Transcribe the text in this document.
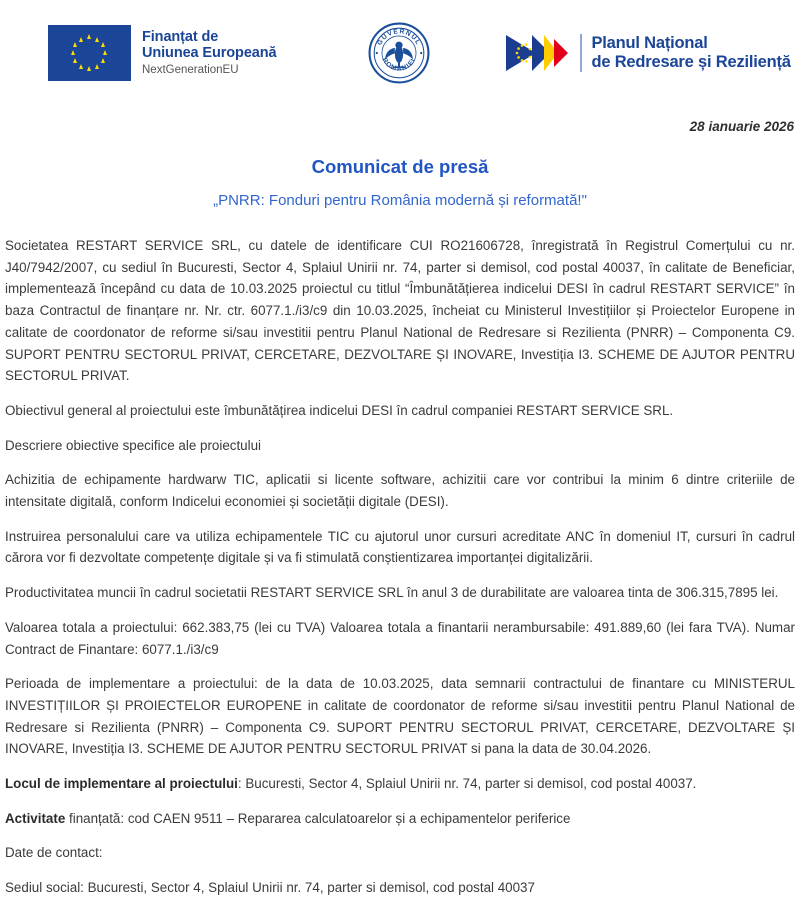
Finanțat de
Uniunea Europeană
NextGenerationEU
GUVERNUL
ROMÂNIEI
Planul Național
de Redresare și Reziliență
28 ianuarie 2026
Comunicat de presă
„PNRR: Fonduri pentru România modernă și reformată!"

Societatea RESTART SERVICE SRL, cu datele de identificare CUI RO21606728, înregistrată în Registrul Comerțului cu nr. J40/7942/2007, cu sediul în Bucuresti, Sector 4, Splaiul Unirii nr. 74, parter si demisol, cod postal 40037, în calitate de Beneficiar, implementează începând cu data de 10.03.2025 proiectul cu titlul “Îmbunătățierea indicelui DESI în cadrul RESTART SERVICE” în baza Contractul de finanțare nr. Nr. ctr. 6077.1./i3/c9 din 10.03.2025, încheiat cu Ministerul Investițiilor și Proiectelor Europene in calitate de coordonator de reforme si/sau investitii pentru Planul National de Redresare si Rezilienta (PNRR) – Componenta C9. SUPORT PENTRU SECTORUL PRIVAT, CERCETARE, DEZVOLTARE ȘI INOVARE, Investiția I3. SCHEME DE AJUTOR PENTRU SECTORUL PRIVAT.

Obiectivul general al proiectului este îmbunătățirea indicelui DESI în cadrul companiei RESTART SERVICE SRL.

Descriere obiective specifice ale proiectului

Achizitia de echipamente hardwarw TIC, aplicatii si licente software, achizitii care vor contribui la minim 6 dintre criteriile de intensitate digitală, conform Indicelui economiei și societății digitale (DESI).

Instruirea personalului care va utiliza echipamentele TIC cu ajutorul unor cursuri acreditate ANC în domeniul IT, cursuri în cadrul cărora vor fi dezvoltate competențe digitale și va fi stimulată conștientizarea importanței digitalizării.

Productivitatea muncii în cadrul societatii RESTART SERVICE SRL în anul 3 de durabilitate are valoarea tinta de 306.315,7895 lei.

Valoarea totala a proiectului: 662.383,75 (lei cu TVA) Valoarea totala a finantarii nerambursabile: 491.889,60 (lei fara TVA). Numar Contract de Finantare: 6077.1./i3/c9

Perioada de implementare a proiectului: de la data de 10.03.2025, data semnarii contractului de finantare cu MINISTERUL INVESTIȚIILOR ȘI PROIECTELOR EUROPENE in calitate de coordonator de reforme si/sau investitii pentru Planul National de Redresare si Rezilienta (PNRR) – Componenta C9. SUPORT PENTRU SECTORUL PRIVAT, CERCETARE, DEZVOLTARE ȘI INOVARE, Investiția I3. SCHEME DE AJUTOR PENTRU SECTORUL PRIVAT si pana la data de 30.04.2026.

Locul de implementare al proiectului: Bucuresti, Sector 4, Splaiul Unirii nr. 74, parter si demisol, cod postal 40037.

Activitate finanțată: cod CAEN 9511 – Repararea calculatoarelor și a echipamentelor periferice

Date de contact:

Sediul social: Bucuresti, Sector 4, Splaiul Unirii nr. 74, parter si demisol, cod postal 40037
